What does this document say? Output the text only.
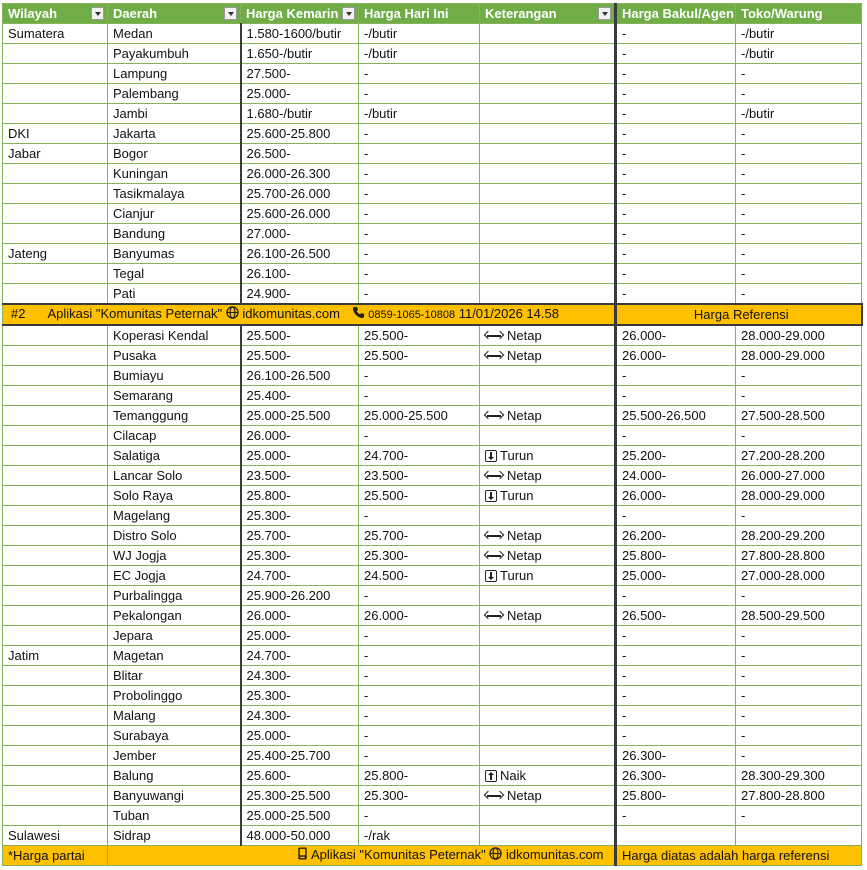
Wilayah	Daerah	Harga Kemarin	Harga Hari Ini	Keterangan	Harga Bakul/Agen	Toko/Warung
Sumatera	Medan	1.580-1600/butir	-/butir		-	-/butir
	Payakumbuh	1.650-/butir	-/butir		-	-/butir
	Lampung	27.500-	-		-	-
	Palembang	25.000-	-		-	-
	Jambi	1.680-/butir	-/butir		-	-/butir
DKI	Jakarta	25.600-25.800	-		-	-
Jabar	Bogor	26.500-	-		-	-
	Kuningan	26.000-26.300	-		-	-
	Tasikmalaya	25.700-26.000	-		-	-
	Cianjur	25.600-26.000	-		-	-
	Bandung	27.000-	-		-	-
Jateng	Banyumas	26.100-26.500	-		-	-
	Tegal	26.100-	-		-	-
	Pati	24.900-	-		-	-
#2 Aplikasi "Komunitas Peternak" idkomunitas.com 0859-1065-10808 11/01/2026 14.58					Harga Referensi	
	Koperasi Kendal	25.500-	25.500-	Netap	26.000-	28.000-29.000
	Pusaka	25.500-	25.500-	Netap	26.000-	28.000-29.000
	Bumiayu	26.100-26.500	-		-	-
	Semarang	25.400-	-		-	-
	Temanggung	25.000-25.500	25.000-25.500	Netap	25.500-26.500	27.500-28.500
	Cilacap	26.000-	-		-	-
	Salatiga	25.000-	24.700-	Turun	25.200-	27.200-28.200
	Lancar Solo	23.500-	23.500-	Netap	24.000-	26.000-27.000
	Solo Raya	25.800-	25.500-	Turun	26.000-	28.000-29.000
	Magelang	25.300-	-		-	-
	Distro Solo	25.700-	25.700-	Netap	26.200-	28.200-29.200
	WJ Jogja	25.300-	25.300-	Netap	25.800-	27.800-28.800
	EC Jogja	24.700-	24.500-	Turun	25.000-	27.000-28.000
	Purbalingga	25.900-26.200	-		-	-
	Pekalongan	26.000-	26.000-	Netap	26.500-	28.500-29.500
	Jepara	25.000-	-		-	-
Jatim	Magetan	24.700-	-		-	-
	Blitar	24.300-	-		-	-
	Probolinggo	25.300-	-		-	-
	Malang	24.300-	-		-	-
	Surabaya	25.000-	-		-	-
	Jember	25.400-25.700	-		26.300-	-
	Balung	25.600-	25.800-	Naik	26.300-	28.300-29.300
	Banyuwangi	25.300-25.500	25.300-	Netap	25.800-	27.800-28.800
	Tuban	25.000-25.500	-		-	-
Sulawesi	Sidrap	48.000-50.000	-/rak			
*Harga partai	Aplikasi "Komunitas Peternak" idkomunitas.com				Harga diatas adalah harga referensi	
